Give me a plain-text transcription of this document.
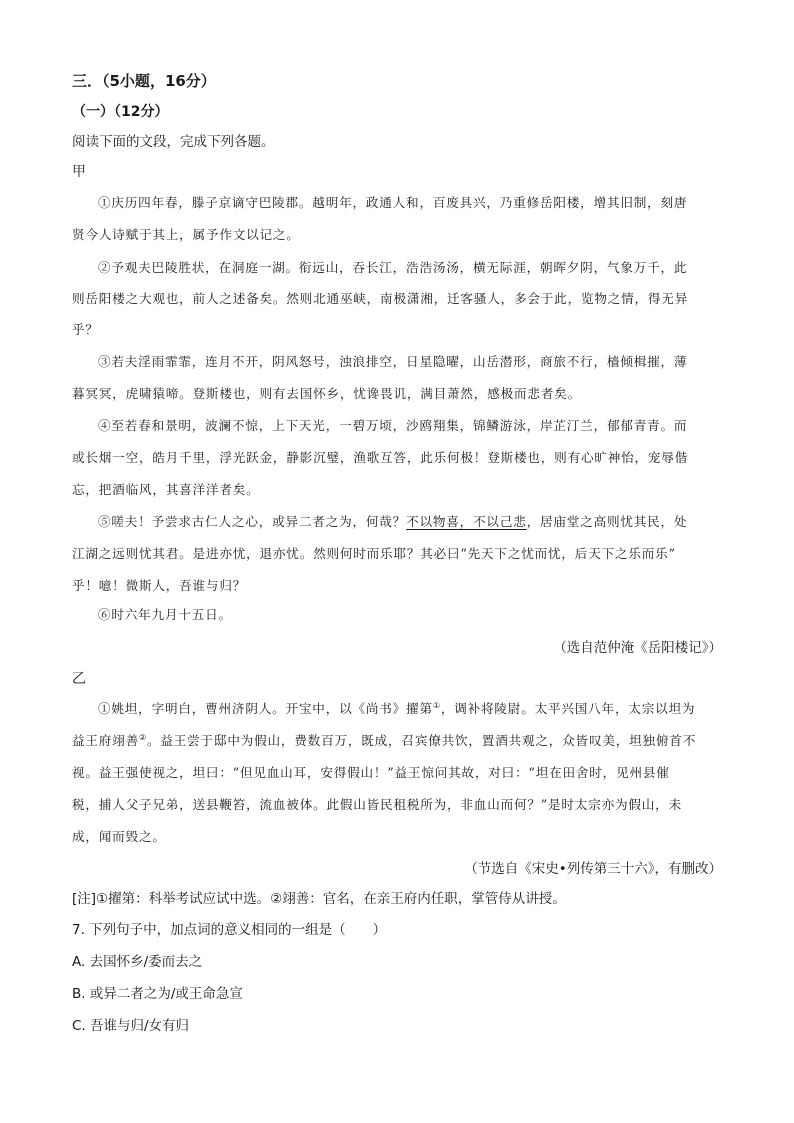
三．（5小题，16分）
（一）（12分）
阅读下面的文段，完成下列各题。
甲
①庆历四年春，滕子京谪守巴陵郡。越明年，政通人和，百废具兴，乃重修岳阳楼，增其旧制，刻唐
贤今人诗赋于其上，属予作文以记之。
②予观夫巴陵胜状，在洞庭一湖。衔远山，吞长江，浩浩汤汤，横无际涯，朝晖夕阴，气象万千，此
则岳阳楼之大观也，前人之述备矣。然则北通巫峡，南极潇湘，迁客骚人，多会于此，览物之情，得无异
乎？
③若夫淫雨霏霏，连月不开，阴风怒号，浊浪排空，日星隐曜，山岳潜形，商旅不行，樯倾楫摧，薄
暮冥冥，虎啸猿啼。登斯楼也，则有去国怀乡，忧谗畏讥，满目萧然，感极而悲者矣。
④至若春和景明，波澜不惊，上下天光，一碧万顷，沙鸥翔集，锦鳞游泳，岸芷汀兰，郁郁青青。而
或长烟一空，皓月千里，浮光跃金，静影沉璧，渔歌互答，此乐何极！登斯楼也，则有心旷神怡，宠辱偕
忘，把酒临风，其喜洋洋者矣。
⑤嗟夫！予尝求古仁人之心，或异二者之为，何哉？不以物喜，不以己悲，居庙堂之高则忧其民，处
江湖之远则忧其君。是进亦忧，退亦忧。然则何时而乐耶？其必曰“先天下之忧而忧，后天下之乐而乐”
乎！噫！微斯人，吾谁与归？
⑥时六年九月十五日。
（选自范仲淹《岳阳楼记》）
乙
①姚坦，字明白，曹州济阴人。开宝中，以《尚书》擢第①，调补将陵尉。太平兴国八年，太宗以坦为
益王府翊善②。益王尝于邸中为假山，费数百万，既成，召宾僚共饮，置酒共观之，众皆叹美，坦独俯首不
视。益王强使视之，坦曰：“但见血山耳，安得假山！”益王惊问其故，对曰：“坦在田舍时，见州县催
税，捕人父子兄弟，送县鞭笞，流血被体。此假山皆民租税所为，非血山而何？”是时太宗亦为假山，未
成，闻而毁之。
（节选自《宋史•列传第三十六》，有删改）
[注]①擢第：科举考试应试中选。②翊善：官名，在亲王府内任职，掌管侍从讲授。
7. 下列句子中，加点词的意义相同的一组是（　　）
A. 去国怀乡/委而去之
B. 或异二者之为/或王命急宣
C. 吾谁与归/女有归
